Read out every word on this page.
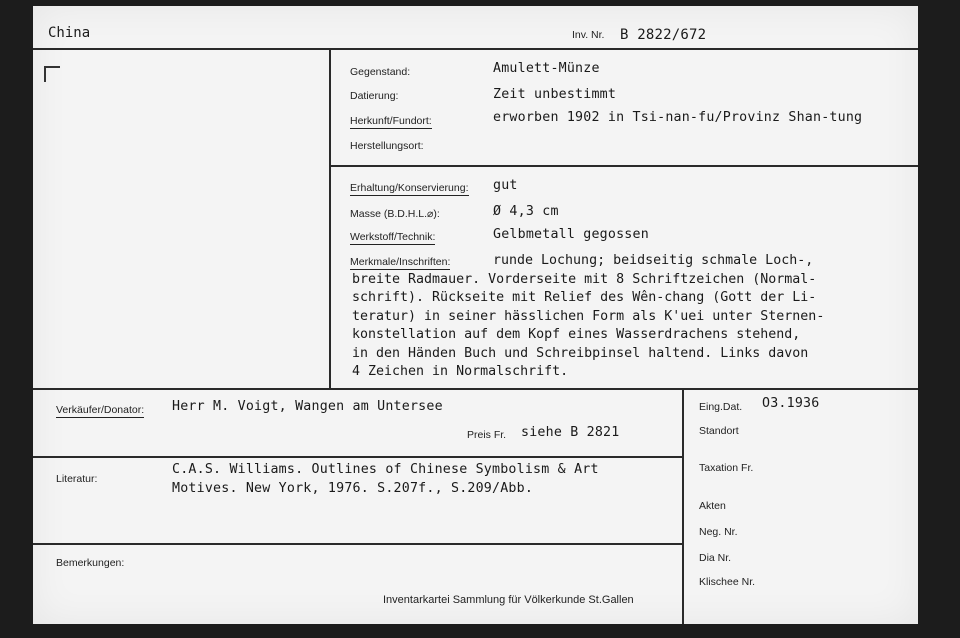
China	Inv. Nr. B 2822/672
Gegenstand:	Amulett-Münze
Datierung:	Zeit unbestimmt
Herkunft/Fundort:	erworben 1902 in Tsi-nan-fu/Provinz Shan-tung
Herstellungsort:
Erhaltung/Konservierung: gut
Masse (B.D.H.L.⌀):	Ø 4,3 cm
Werkstoff/Technik:	Gelbmetall gegossen
Merkmale/Inschriften:	runde Lochung; beidseitig schmale Loch-,
breite Radmauer. Vorderseite mit 8 Schriftzeichen (Normal-
schrift). Rückseite mit Relief des Wên-chang (Gott der Li-
teratur) in seiner hässlichen Form als K'uei unter Sternen-
konstellation auf dem Kopf eines Wasserdrachens stehend,
in den Händen Buch und Schreibpinsel haltend. Links davon
4 Zeichen in Normalschrift.
Verkäufer/Donator: Herr M. Voigt, Wangen am Untersee
Preis Fr. siehe B 2821
Literatur:
C.A.S. Williams. Outlines of Chinese Symbolism & Art
Motives. New York, 1976. S.207f., S.209/Abb.
Bemerkungen:
Inventarkartei Sammlung für Völkerkunde St.Gallen
Eing.Dat. O3.1936
Standort
Taxation Fr.
Akten
Neg. Nr.
Dia Nr.
Klischee Nr.
